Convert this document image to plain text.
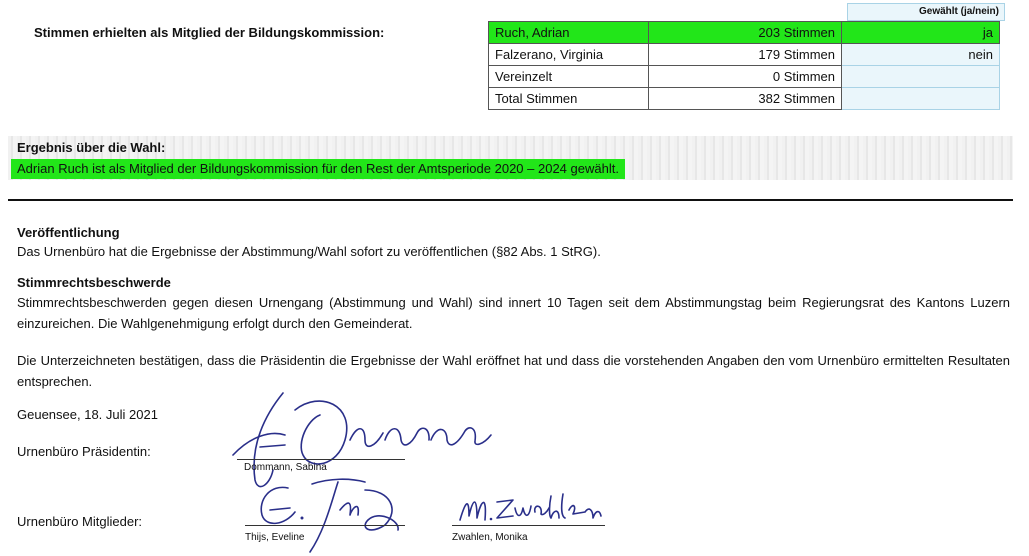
Stimmen erhielten als Mitglied der Bildungskommission:
Gewählt (ja/nein)
Ruch, Adrian	203 Stimmen	ja
Falzerano, Virginia	179 Stimmen	nein
Vereinzelt	0 Stimmen	
Total Stimmen	382 Stimmen	
Ergebnis über die Wahl:
Adrian Ruch ist als Mitglied der Bildungskommission für den Rest der Amtsperiode 2020 – 2024 gewählt.
Veröffentlichung
Das Urnenbüro hat die Ergebnisse der Abstimmung/Wahl sofort zu veröffentlichen (§82 Abs. 1 StRG).
Stimmrechtsbeschwerde
Stimmrechtsbeschwerden gegen diesen Urnengang (Abstimmung und Wahl) sind innert 10 Tagen seit dem Abstimmungstag beim Regierungsrat des Kantons Luzern einzureichen. Die Wahlgenehmigung erfolgt durch den Gemeinderat.
Die Unterzeichneten bestätigen, dass die Präsidentin die Ergebnisse der Wahl eröffnet hat und dass die vorstehenden Angaben den vom Urnenbüro ermittelten Resultaten entsprechen.
Geuensee, 18. Juli 2021
Urnenbüro Präsidentin:
Dommann, Sabina
Urnenbüro Mitglieder:
Thijs, Eveline	Zwahlen, Monika
